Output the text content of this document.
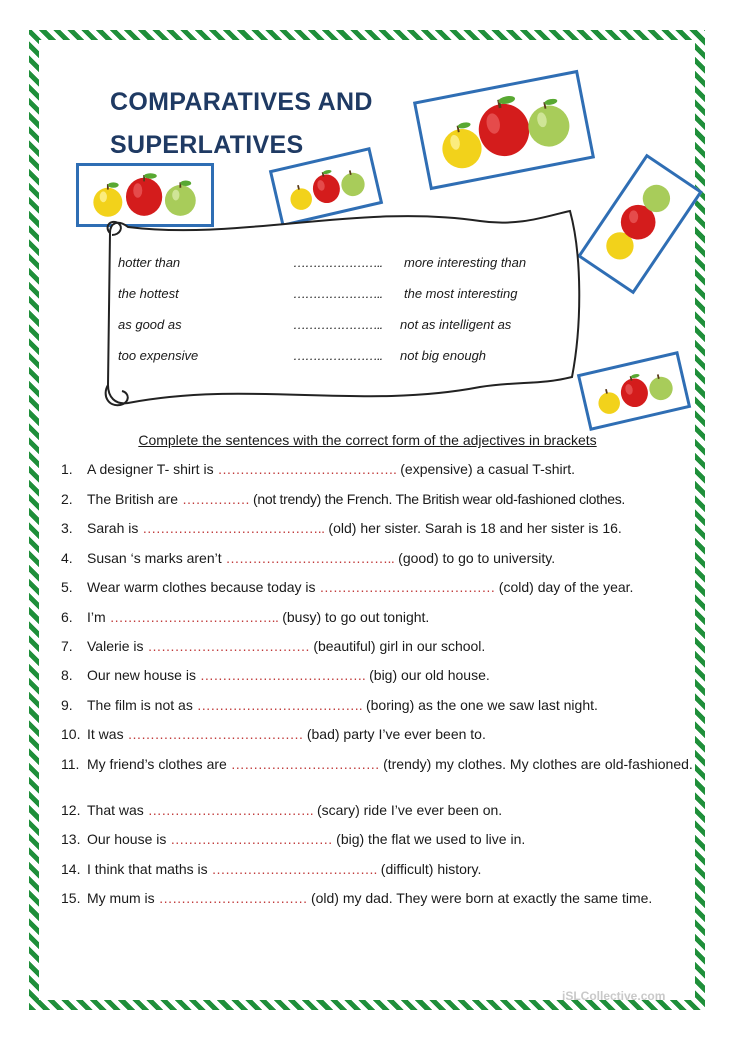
COMPARATIVES AND
SUPERLATIVES
hotter than	………………….. more interesting than
the hottest	………………….. the most interesting
as good as	………………….. not as intelligent as
too expensive	………………….. not big enough
Complete the sentences with the correct form of the adjectives in brackets
1. A designer T- shirt is …………………………………. (expensive) a casual T-shirt.
2. The British are …………… (not trendy) the French. The British wear old-fashioned clothes.
3. Sarah is ………………………………….. (old) her sister. Sarah is 18 and her sister is 16.
4. Susan ‘s marks aren’t ……………………………….. (good) to go to university.
5. Wear warm clothes because today is ………………………………… (cold) day of the year.
6. I’m ……………………………….. (busy) to go out tonight.
7. Valerie is ……………………………… (beautiful) girl in our school.
8. Our new house is ………………………………. (big) our old house.
9. The film is not as ………………………………. (boring) as the one we saw last night.
10. It was ………………………………… (bad) party I’ve ever been to.
11. My friend’s clothes are …………………………… (trendy) my clothes. My clothes are old-fashioned.
12. That was ………………………………. (scary) ride I’ve ever been on.
13. Our house is ……………………………… (big) the flat we used to live in.
14. I think that maths is ………………………………. (difficult) history.
15. My mum is …………………………… (old) my dad. They were born at exactly the same time.
iSLCollective.com
